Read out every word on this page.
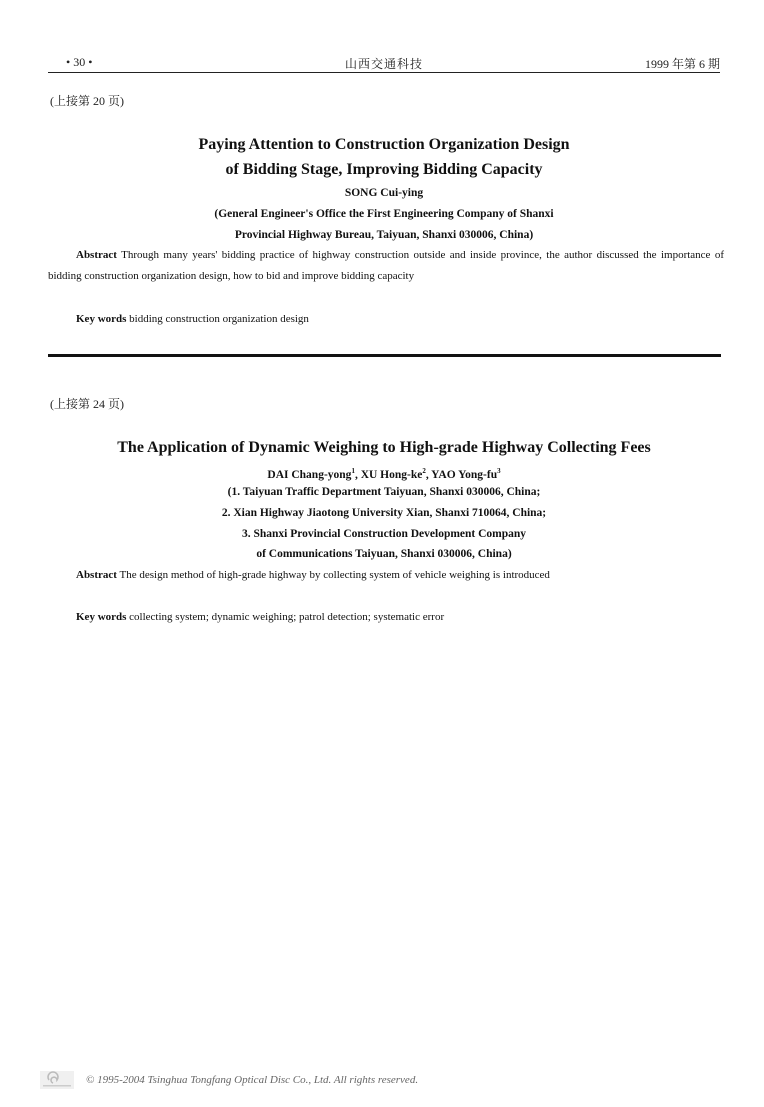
• 30 •	山西交通科技	1999 年第 6 期
(上接第 20 页)
Paying Attention to Construction Organization Design
of Bidding Stage, Improving Bidding Capacity
SONG Cui-ying
(General Engineer's Office the First Engineering Company of Shanxi
Provincial Highway Bureau, Taiyuan, Shanxi 030006, China)

Abstract Through many years' bidding practice of highway construction outside and inside province, the author discussed the importance of bidding construction organization design, how to bid and improve bidding capacity

Key words bidding construction organization design
(上接第 24 页)
The Application of Dynamic Weighing to High-grade Highway Collecting Fees
DAI Chang-yong$^1$, XU Hong-$ke^2$, YAO Yong-$fu^3$
(1. Taiyuan Traffic Department Taiyuan, Shanxi 030006, China;
2. Xian Highway Jiaotong University Xian, Shanxi 710064, China;
3. Shanxi Provincial Construction Development Company
of Communications Taiyuan, Shanxi 030006, China)

Abstract The design method of high-grade highway by collecting system of vehicle weighing is introduced

Key words collecting system; dynamic weighing; patrol detection; systematic error
© 1995-2004 Tsinghua Tongfang Optical Disc Co., Ltd. All rights reserved.
